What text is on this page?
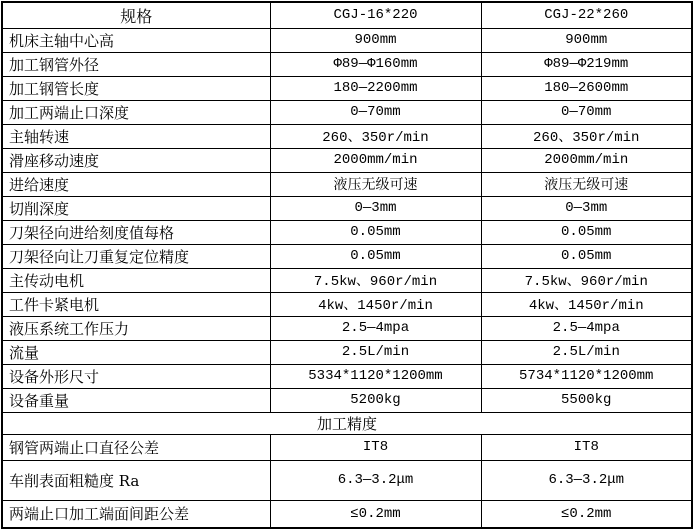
规格	CGJ-16*220	CGJ-22*260
机床主轴中心高	900mm	900mm
加工钢管外径	Φ89—Φ160mm	Φ89—Φ219mm
加工钢管长度	180—2200mm	180—2600mm
加工两端止口深度	0—70mm	0—70mm
主轴转速	260、350r/min	260、350r/min
滑座移动速度	2000mm/min	2000mm/min
进给速度	液压无级可速	液压无级可速
切削深度	0—3mm	0—3mm
刀架径向进给刻度值每格	0.05mm	0.05mm
刀架径向让刀重复定位精度	0.05mm	0.05mm
主传动电机	7.5kw、960r/min	7.5kw、960r/min
工件卡紧电机	4kw、1450r/min	4kw、1450r/min
液压系统工作压力	2.5—4mpa	2.5—4mpa
流量	2.5L/min	2.5L/min
设备外形尺寸	5334*1120*1200mm	5734*1120*1200mm
设备重量	5200kg	5500kg
加工精度		
钢管两端止口直径公差	IT8	IT8
车削表面粗糙度 Ra	6.3—3.2μm	6.3—3.2μm
两端止口加工端面间距公差	≤0.2mm	≤0.2mm
